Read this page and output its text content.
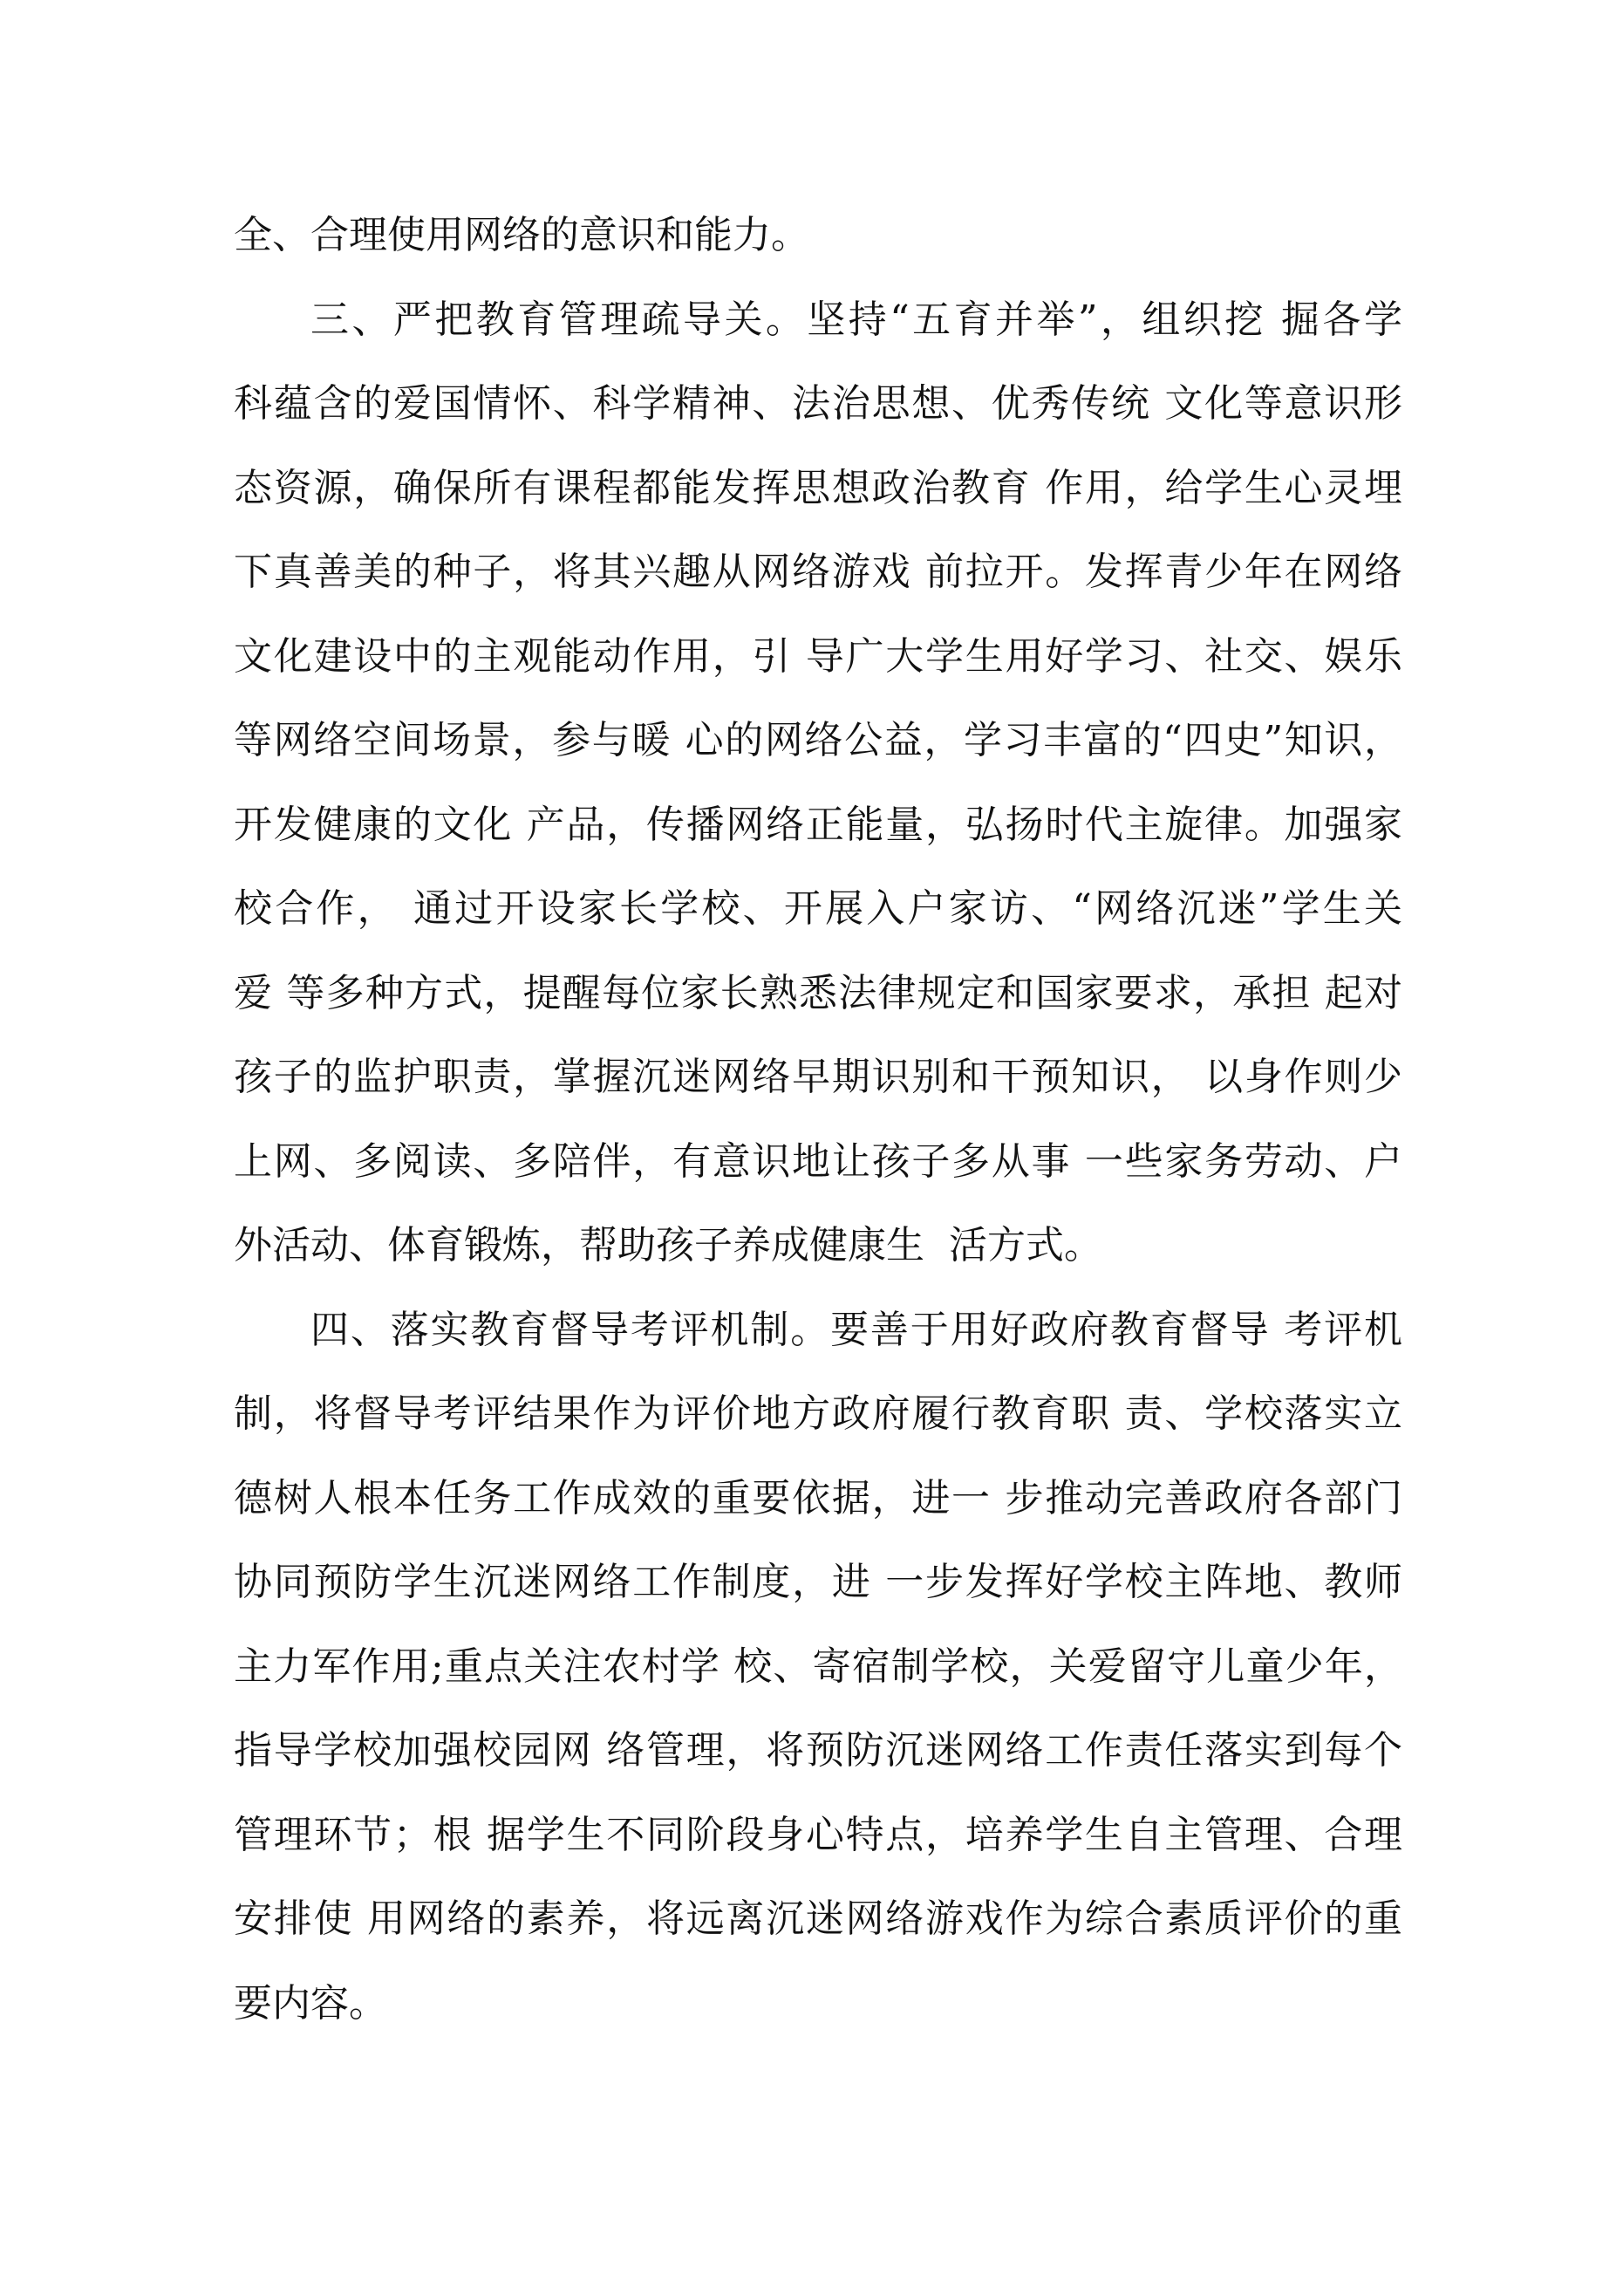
全、合理使用网络的意识和能力。
三、严把教育管理疏导关。坚持“五育并举”，组织挖 掘各学
科蕴含的爱国情怀、科学精神、法治思想、优秀传统 文化等意识形
态资源，确保所有课程都能发挥思想政治教育 作用，给学生心灵埋
下真善美的种子，将其兴趣从网络游戏 前拉开。发挥青少年在网络
文化建设中的主观能动作用，引 导广大学生用好学习、社交、娱乐
等网络空间场景，参与暖 心的网络公益，学习丰富的“四史”知识，
开发健康的文化 产品，传播网络正能量，弘扬时代主旋律。加强家
校合作， 通过开设家长学校、开展入户家访、“网络沉迷”学生关
爱 等多种方式，提醒每位家长熟悉法律规定和国家要求，承担 起对
孩子的监护职责，掌握沉迷网络早期识别和干预知识， 以身作则少
上网、多阅读、多陪伴，有意识地让孩子多从事 一些家务劳动、户
外活动、体育锻炼，帮助孩子养成健康生  活方式。
四、落实教育督导考评机制。要善于用好政府教育督导 考评机
制，将督导考评结果作为评价地方政府履行教育职 责、学校落实立
德树人根本任务工作成效的重要依据，进一 步推动完善政府各部门
协同预防学生沉迷网络工作制度，进 一步发挥好学校主阵地、教师
主力军作用;重点关注农村学 校、寄宿制学校，关爱留守儿童少年，
指导学校加强校园网 络管理，将预防沉迷网络工作责任落实到每个
管理环节；根 据学生不同阶段身心特点，培养学生自主管理、合理
安排使 用网络的素养，将远离沉迷网络游戏作为综合素质评价的重
要内容。
